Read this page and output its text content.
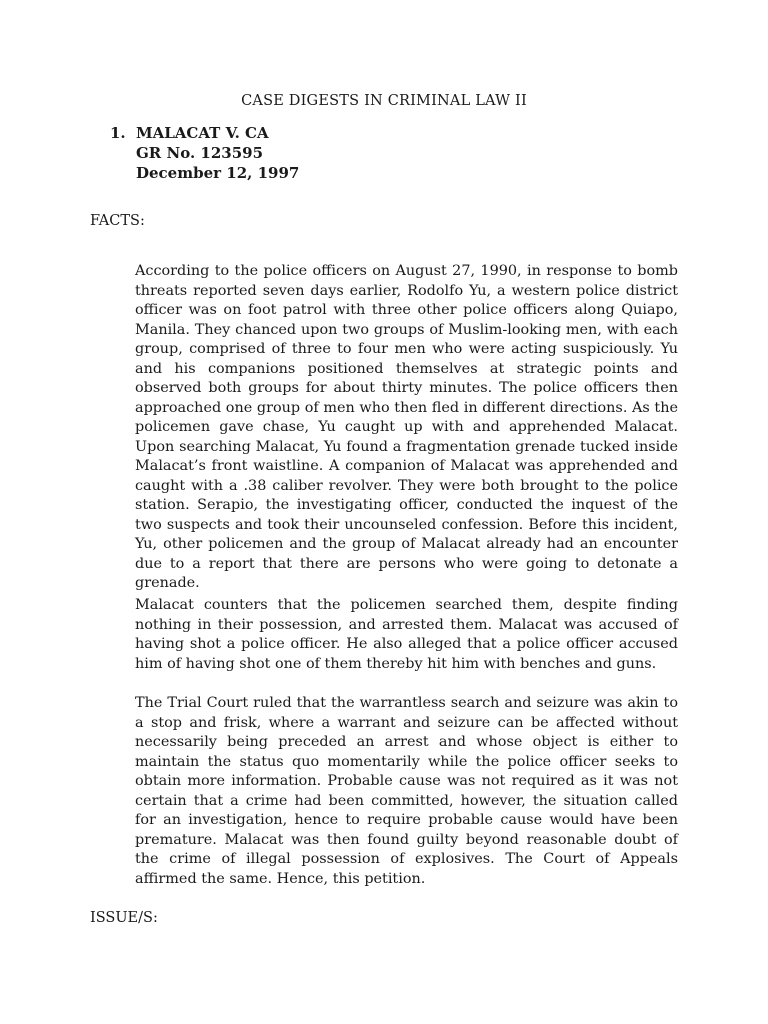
CASE DIGESTS IN CRIMINAL LAW II
1. MALACAT V. CA
GR No. 123595
December 12, 1997
FACTS:

According to the police officers on August 27, 1990, in response to bomb threats reported seven days earlier, Rodolfo Yu, a western police district officer was on foot patrol with three other police officers along Quiapo, Manila. They chanced upon two groups of Muslim-looking men, with each group, comprised of three to four men who were acting suspiciously. Yu and his companions positioned themselves at strategic points and observed both groups for about thirty minutes. The police officers then approached one group of men who then fled in different directions. As the policemen gave chase, Yu caught up with and apprehended Malacat. Upon searching Malacat, Yu found a fragmentation grenade tucked inside Malacat’s front waistline. A companion of Malacat was apprehended and caught with a .38 caliber revolver. They were both brought to the police station. Serapio, the investigating officer, conducted the inquest of the two suspects and took their uncounseled confession. Before this incident, Yu, other policemen and the group of Malacat already had an encounter due to a report that there are persons who were going to detonate a grenade.

Malacat counters that the policemen searched them, despite finding nothing in their possession, and arrested them. Malacat was accused of having shot a police officer. He also alleged that a police officer accused him of having shot one of them thereby hit him with benches and guns.

The Trial Court ruled that the warrantless search and seizure was akin to a stop and frisk, where a warrant and seizure can be affected without necessarily being preceded an arrest and whose object is either to maintain the status quo momentarily while the police officer seeks to obtain more information. Probable cause was not required as it was not certain that a crime had been committed, however, the situation called for an investigation, hence to require probable cause would have been premature. Malacat was then found guilty beyond reasonable doubt of the crime of illegal possession of explosives. The Court of Appeals affirmed the same. Hence, this petition.

ISSUE/S:
